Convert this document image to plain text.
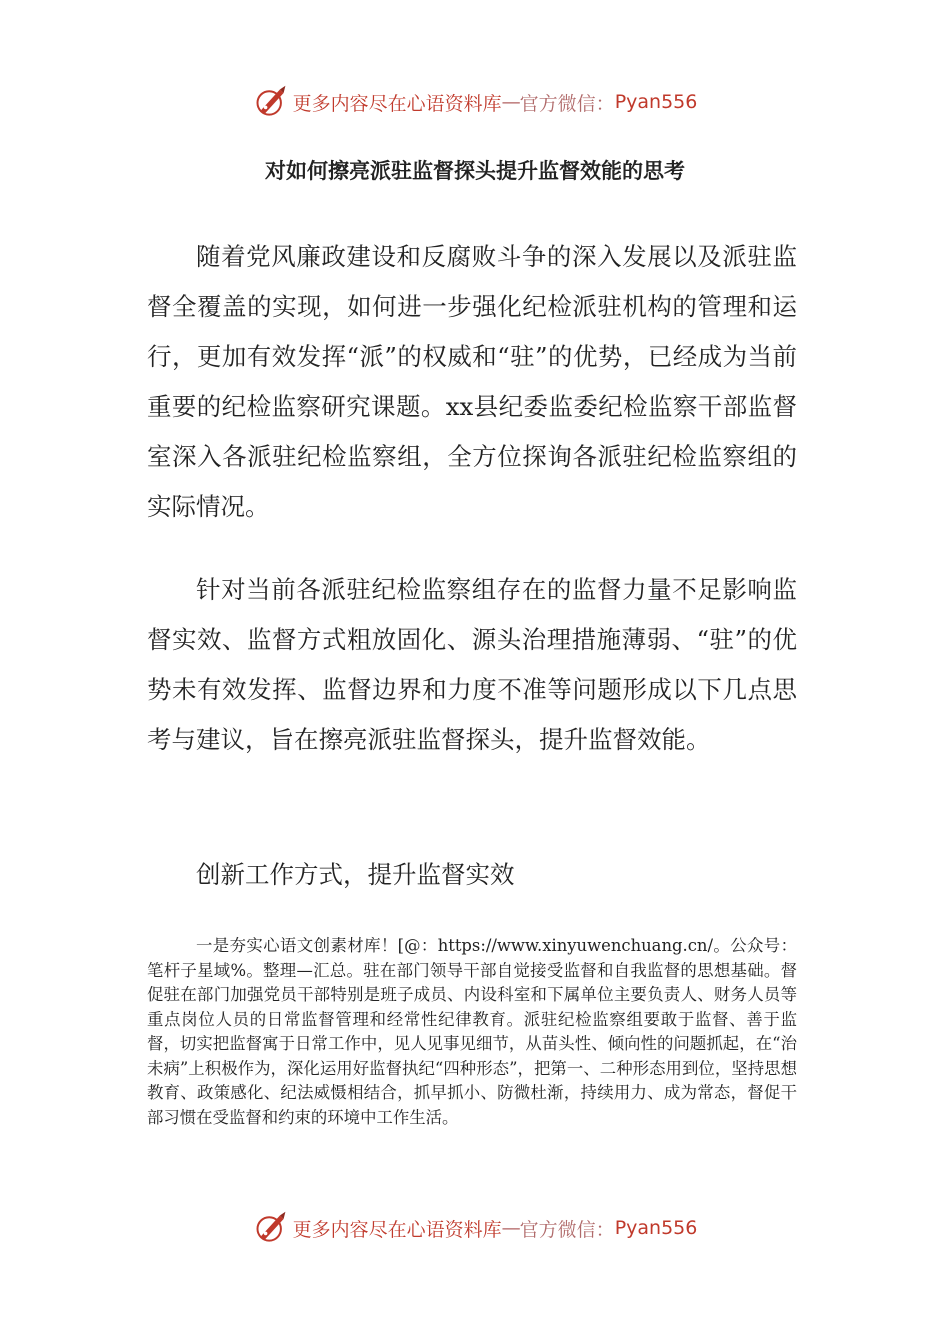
更多内容尽在心语资料库 — 官方微信： Pyan556
对如何擦亮派驻监督探头提升监督效能的思考

随着党风廉政建设和反腐败斗争的深入发展以及派驻监督全覆盖的实现，如何进一步强化纪检派驻机构的管理和运行，更加有效发挥“派”的权威和“驻”的优势，已经成为当前重要的纪检监察研究课题。xx县纪委监委纪检监察干部监督室深入各派驻纪检监察组，全方位探询各派驻纪检监察组的实际情况。

针对当前各派驻纪检监察组存在的监督力量不足影响监督实效、监督方式粗放固化、源头治理措施薄弱、“驻”的优势未有效发挥、监督边界和力度不准等问题形成以下几点思考与建议，旨在擦亮派驻监督探头，提升监督效能。

创新工作方式，提升监督实效

一是夯实心语文创素材库！[@：https://www.xinyuwenchuang.cn/。公众号：笔杆子星域%。整理—汇总。驻在部门领导干部自觉接受监督和自我监督的思想基础。督促驻在部门加强党员干部特别是班子成员、内设科室和下属单位主要负责人、财务人员等重点岗位人员的日常监督管理和经常性纪律教育。派驻纪检监察组要敢于监督、善于监督，切实把监督寓于日常工作中，见人见事见细节，从苗头性、倾向性的问题抓起，在“治未病”上积极作为，深化运用好监督执纪“四种形态”，把第一、二种形态用到位，坚持思想教育、政策感化、纪法威慑相结合，抓早抓小、防微杜渐，持续用力、成为常态，督促干部习惯在受监督和约束的环境中工作生活。

更多内容尽在心语资料库 — 官方微信： Pyan556
